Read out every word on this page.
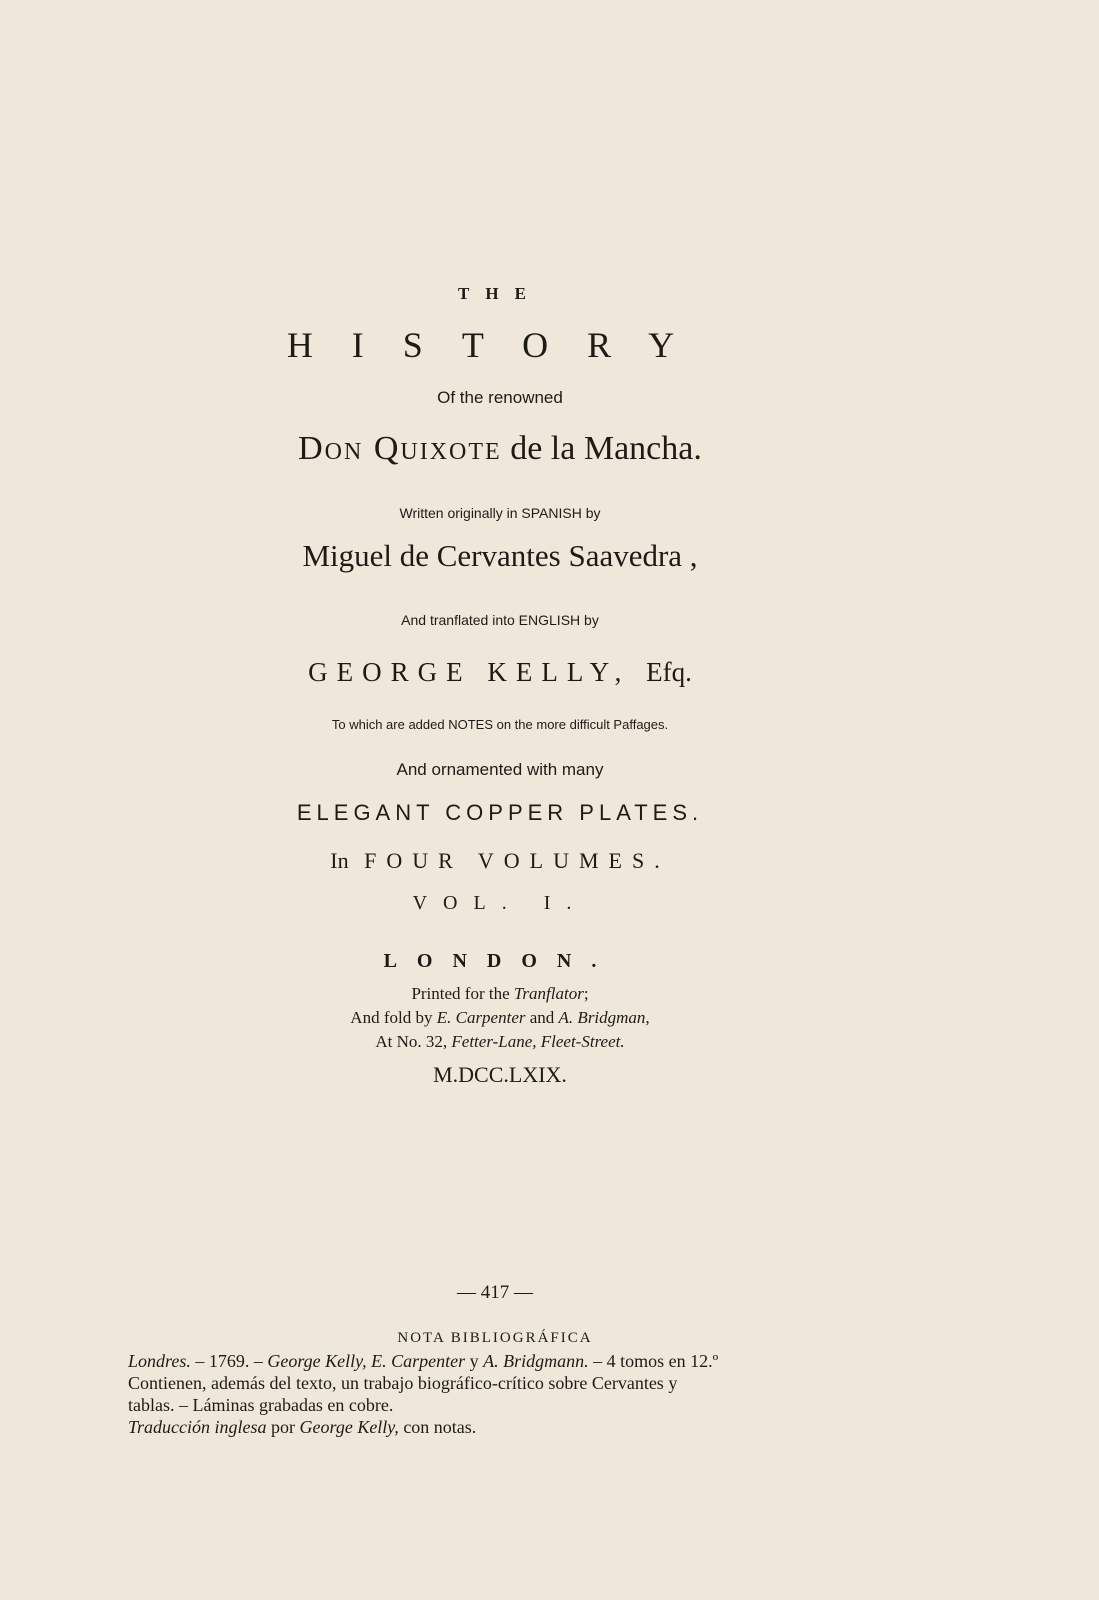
THE
HISTORY
Of the renowned
Don Quixote de la Mancha.
Written originally in SPANISH by
Miguel de Cervantes Saavedra ,
And tranflated into ENGLISH by
GEORGE KELLY, Efq.
To which are added NOTES on the more difficult Paffages.
And ornamented with many
ELEGANT COPPER PLATES.
In FOUR VOLUMES.
VOL. I.
LONDON.
Printed for the Tranflator;
And fold by E. Carpenter and A. Bridgman,
At No. 32, Fetter-Lane, Fleet-Street.
M.DCC.LXIX.
— 417 —
NOTA BIBLIOGRÁFICA
Londres. – 1769. – George Kelly, E. Carpenter y A. Bridgmann. – 4 tomos en 12.º
Contienen, además del texto, un trabajo biográfico-crítico sobre Cervantes y
tablas. – Láminas grabadas en cobre.
Traducción inglesa por George Kelly, con notas.
